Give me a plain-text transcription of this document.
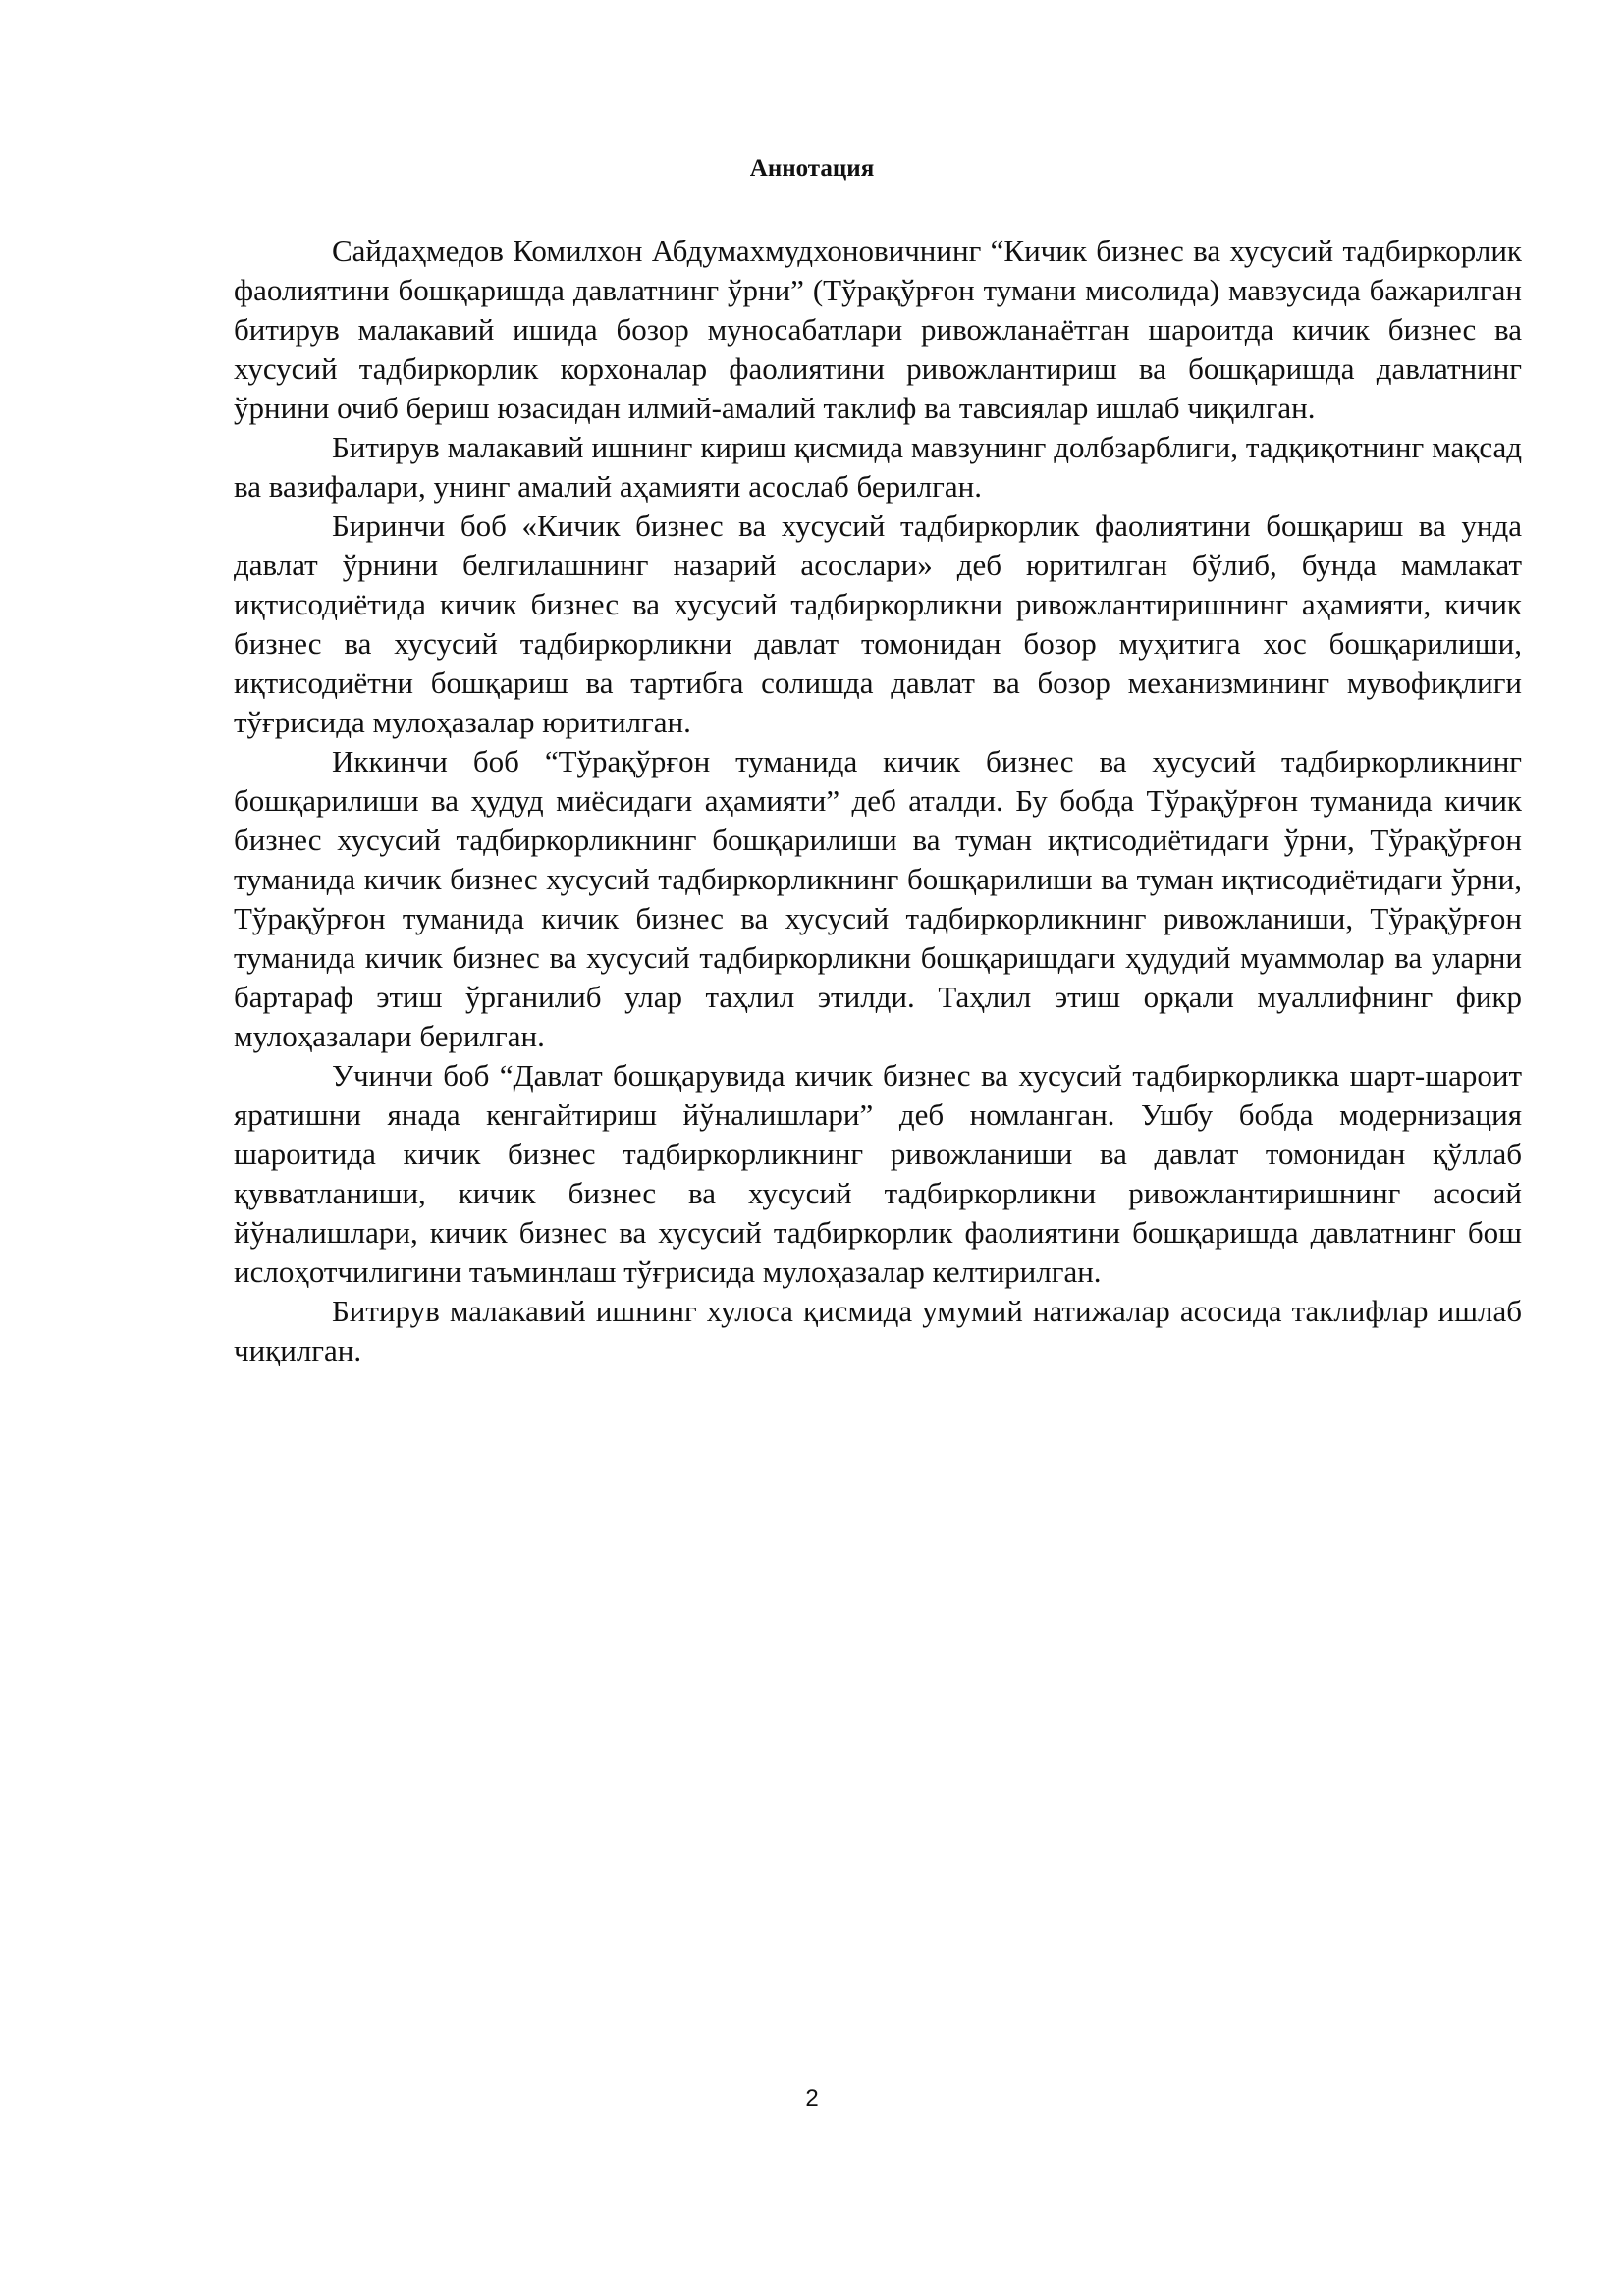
Аннотация

Сайдаҳмедов Комилхон Абдумахмудхоновичнинг “Кичик бизнес ва хусусий тадбиркорлик фаолиятини бошқаришда давлатнинг ўрни” (Тўрақўрғон тумани мисолида) мавзусида бажарилган битирув малакавий ишида бозор муносабатлари ривожланаётган шароитда кичик бизнес ва хусусий тадбиркорлик корхоналар фаолиятини ривожлантириш ва бошқаришда давлатнинг ўрнини очиб бериш юзасидан илмий-амалий таклиф ва тавсиялар ишлаб чиқилган.

Битирув малакавий ишнинг кириш қисмида мавзунинг долбзарблиги, тадқиқотнинг мақсад ва вазифалари, унинг амалий аҳамияти асослаб берилган.

Биринчи боб «Кичик бизнес ва хусусий тадбиркорлик фаолиятини бошқариш ва унда давлат ўрнини белгилашнинг назарий асослари» деб юритилган бўлиб, бунда мамлакат иқтисодиётида кичик бизнес ва хусусий тадбиркорликни ривожлантиришнинг аҳамияти, кичик бизнес ва хусусий тадбиркорликни давлат томонидан бозор муҳитига хос бошқарилиши, иқтисодиётни бошқариш ва тартибга солишда давлат ва бозор механизмининг мувофиқлиги тўғрисида мулоҳазалар юритилган.

Иккинчи боб “Тўрақўрғон туманида кичик бизнес ва хусусий тадбиркорликнинг бошқарилиши ва ҳудуд миёсидаги аҳамияти” деб аталди. Бу бобда Тўрақўрғон туманида кичик бизнес хусусий тадбиркорликнинг бошқарилиши ва туман иқтисодиётидаги ўрни, Тўрақўрғон туманида кичик бизнес хусусий тадбиркорликнинг бошқарилиши ва туман иқтисодиётидаги ўрни, Тўрақўрғон туманида кичик бизнес ва хусусий тадбиркорликнинг ривожланиши, Тўрақўрғон туманида кичик бизнес ва хусусий тадбиркорликни бошқаришдаги ҳудудий муаммолар ва уларни бартараф этиш ўрганилиб улар таҳлил этилди. Таҳлил этиш орқали муаллифнинг фикр мулоҳазалари берилган.

Учинчи боб “Давлат бошқарувида кичик бизнес ва хусусий тадбиркорликка шарт-шароит яратишни янада кенгайтириш йўналишлари” деб номланган. Ушбу бобда модернизация шароитида кичик бизнес тадбиркорликнинг ривожланиши ва давлат томонидан қўллаб қувватланиши, кичик бизнес ва хусусий тадбиркорликни ривожлантиришнинг асосий йўналишлари, кичик бизнес ва хусусий тадбиркорлик фаолиятини бошқаришда давлатнинг бош ислоҳотчилигини таъминлаш тўғрисида мулоҳазалар келтирилган.

Битирув малакавий ишнинг хулоса қисмида умумий натижалар асосида таклифлар ишлаб чиқилган.

2
